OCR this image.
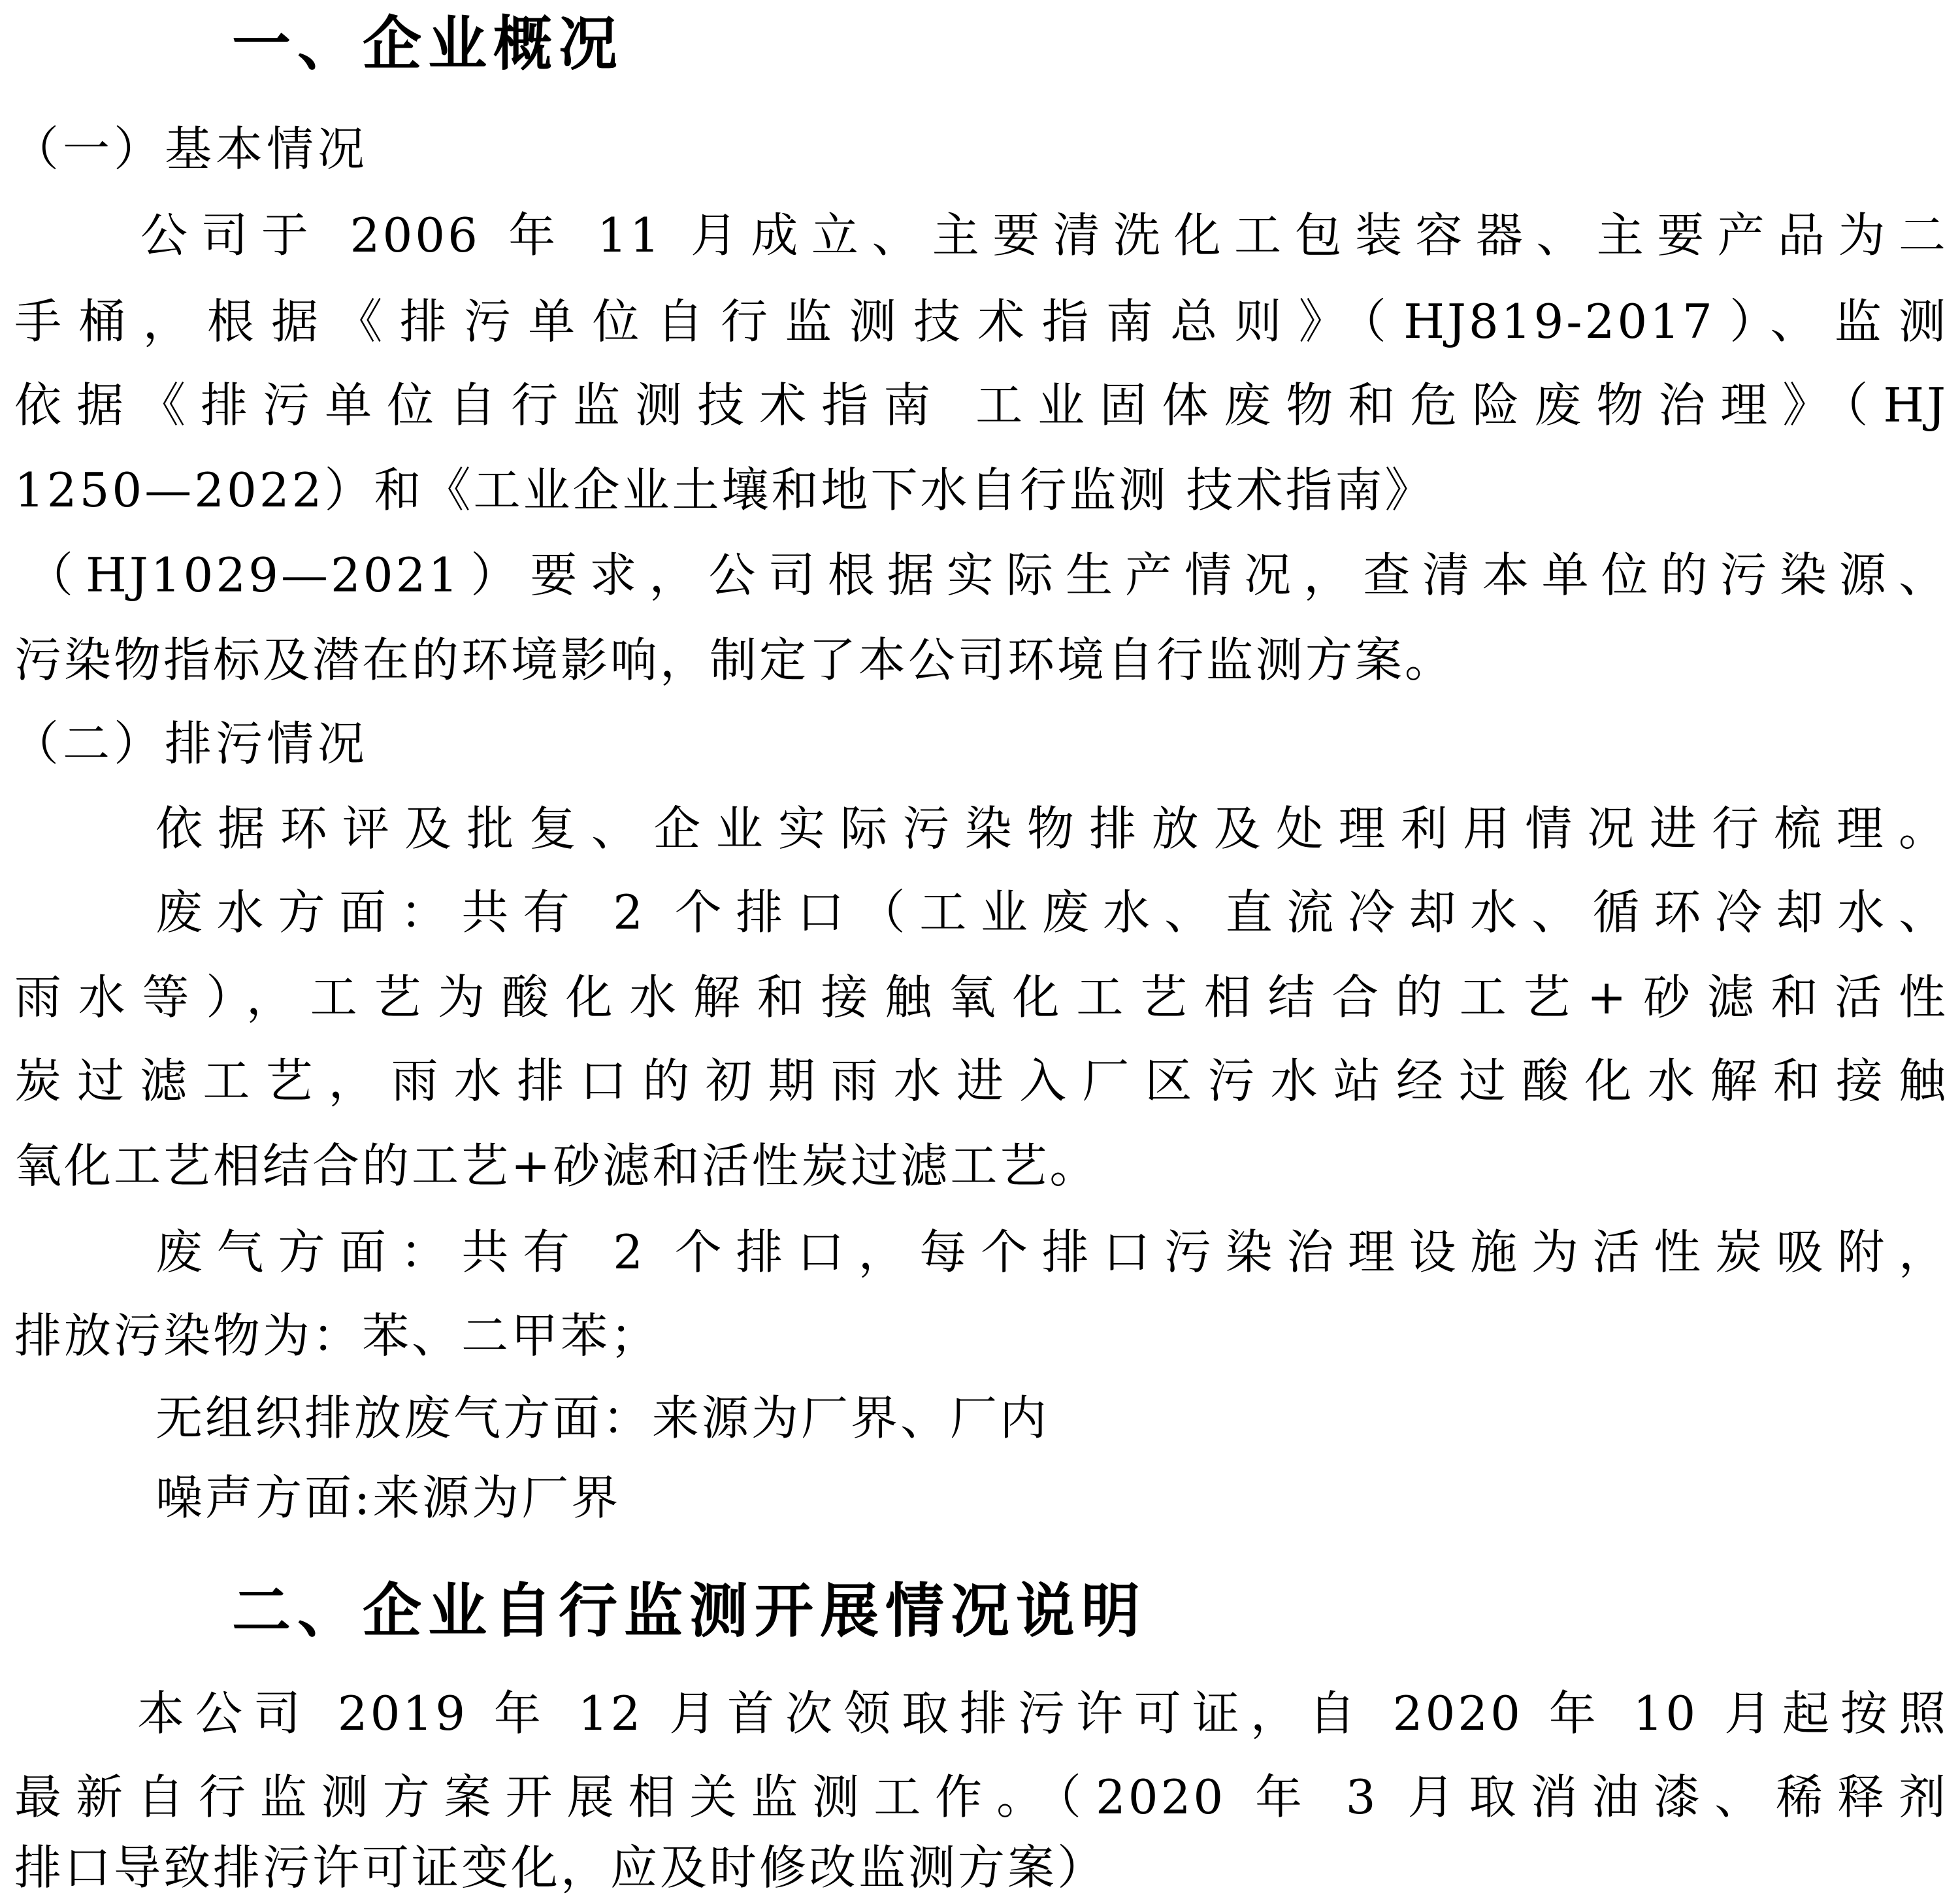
一、企业概况
（一）基本情况
公司于 2006 年 11 月成立、主要清洗化工包装容器、主要产品为二
手桶，根据《排污单位自行监测技术指南总则》（HJ819-2017）、监测
依据《排污单位自行监测技术指南 工业固体废物和危险废物治理》（HJ
1250—2022）和《工业企业土壤和地下水自行监测 技术指南》
（HJ1029—2021）要求，公司根据实际生产情况，查清本单位的污染源、
污染物指标及潜在的环境影响，制定了本公司环境自行监测方案。
（二）排污情况
依据环评及批复、企业实际污染物排放及处理利用情况进行梳理。
废水方面：共有 2 个排口（工业废水、直流冷却水、循环冷却水、
雨水等），工艺为酸化水解和接触氧化工艺相结合的工艺+砂滤和活性
炭过滤工艺，雨水排口的初期雨水进入厂区污水站经过酸化水解和接触
氧化工艺相结合的工艺+砂滤和活性炭过滤工艺。
废气方面：共有 2 个排口，每个排口污染治理设施为活性炭吸附，
排放污染物为：苯、二甲苯；
无组织排放废气方面：来源为厂界、厂内
噪声方面:来源为厂界
二、企业自行监测开展情况说明
本公司 2019 年 12 月首次领取排污许可证，自 2020 年 10 月起按照
最新自行监测方案开展相关监测工作。（2020 年 3 月取消油漆、稀释剂
排口导致排污许可证变化，应及时修改监测方案）
